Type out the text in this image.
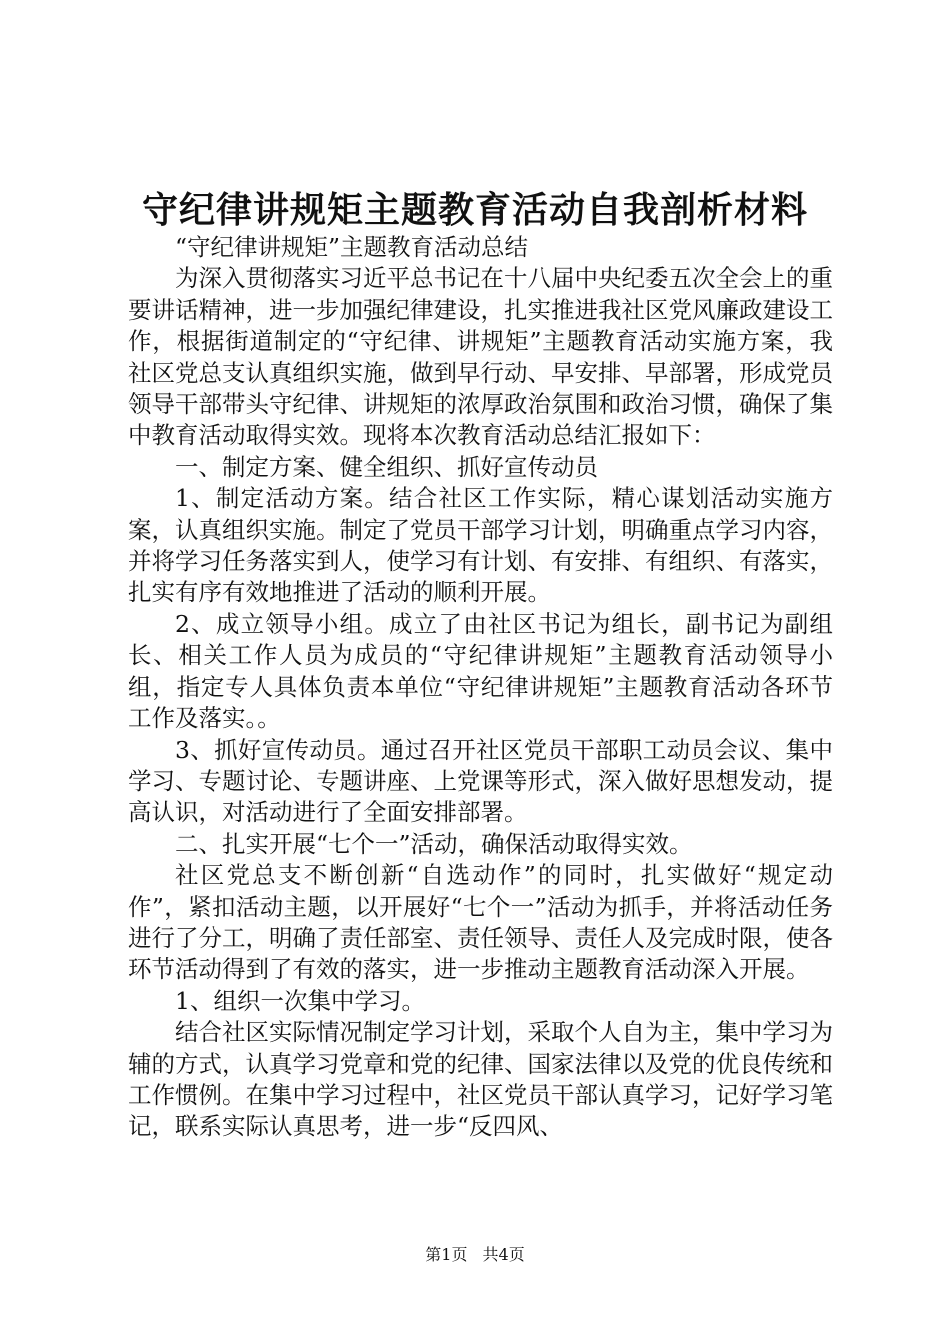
守纪律讲规矩主题教育活动自我剖析材料

“守纪律讲规矩”主题教育活动总结

为深入贯彻落实习近平总书记在十八届中央纪委五次全会上的重要讲话精神，进一步加强纪律建设，扎实推进我社区党风廉政建设工作，根据街道制定的“守纪律、讲规矩”主题教育活动实施方案，我社区党总支认真组织实施，做到早行动、早安排、早部署，形成党员领导干部带头守纪律、讲规矩的浓厚政治氛围和政治习惯，确保了集中教育活动取得实效。现将本次教育活动总结汇报如下：

一、制定方案、健全组织、抓好宣传动员

1、制定活动方案。结合社区工作实际，精心谋划活动实施方案，认真组织实施。制定了党员干部学习计划，明确重点学习内容，并将学习任务落实到人，使学习有计划、有安排、有组织、有落实，扎实有序有效地推进了活动的顺利开展。

2、成立领导小组。成立了由社区书记为组长，副书记为副组长、相关工作人员为成员的“守纪律讲规矩”主题教育活动领导小组，指定专人具体负责本单位“守纪律讲规矩”主题教育活动各环节工作及落实。。

3、抓好宣传动员。通过召开社区党员干部职工动员会议、集中学习、专题讨论、专题讲座、上党课等形式，深入做好思想发动，提高认识，对活动进行了全面安排部署。

二、扎实开展“七个一”活动，确保活动取得实效。

社区党总支不断创新“自选动作”的同时，扎实做好“规定动作”，紧扣活动主题，以开展好“七个一”活动为抓手，并将活动任务进行了分工，明确了责任部室、责任领导、责任人及完成时限，使各环节活动得到了有效的落实，进一步推动主题教育活动深入开展。

1、组织一次集中学习。

结合社区实际情况制定学习计划，采取个人自为主，集中学习为辅的方式，认真学习党章和党的纪律、国家法律以及党的优良传统和工作惯例。在集中学习过程中，社区党员干部认真学习，记好学习笔记，联系实际认真思考，进一步“反四风、

第1页 共4页
